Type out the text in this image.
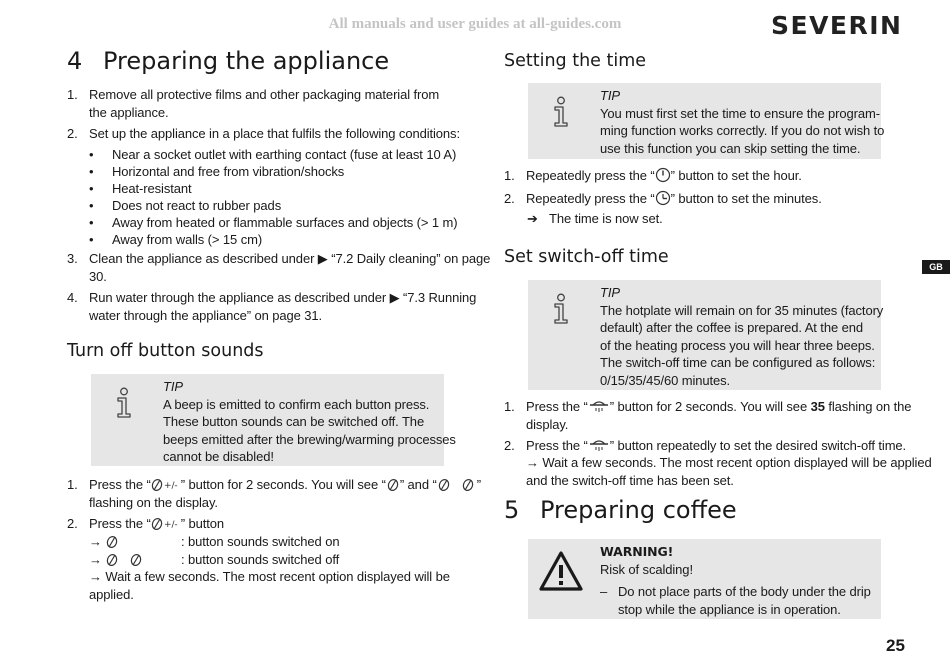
All manuals and user guides at all-guides.com	SEVERIN
4 Preparing the appliance
1. Remove all protective films and other packaging material from
the appliance.
2. Set up the appliance in a place that fulfils the following conditions:
• Near a socket outlet with earthing contact (fuse at least 10 A)
• Horizontal and free from vibration/shocks
• Heat-resistant
• Does not react to rubber pads
• Away from heated or flammable surfaces and objects (> 1 m)
• Away from walls (> 15 cm)
3. Clean the appliance as described under ▶ “7.2 Daily cleaning” on page
30.
4. Run water through the appliance as described under ▶ “7.3 Running
water through the appliance” on page 31.
Turn off button sounds
TIP
A beep is emitted to confirm each button press.
These button sounds can be switched off. The
beeps emitted after the brewing/warming processes
cannot be disabled!
1. Press the “ +/- ” button for 2 seconds. You will see “ ” and “	”
flashing on the display.
2. Press the “ +/- ” button
→	: button sounds switched on
→	: button sounds switched off
→ Wait a few seconds. The most recent option displayed will be
applied.
Setting the time
TIP
You must first set the time to ensure the program-
ming function works correctly. If you do not wish to
use this function you can skip setting the time.
1. Repeatedly press the “ ” button to set the hour.
2. Repeatedly press the “ ” button to set the minutes.
➔ The time is now set.
Set switch-off time
TIP
The hotplate will remain on for 35 minutes (factory
default) after the coffee is prepared. At the end
of the heating process you will hear three beeps.
The switch-off time can be configured as follows:
0/15/35/45/60 minutes.
1. Press the “ ” button for 2 seconds. You will see 35 flashing on the
display.
2. Press the “ ” button repeatedly to set the desired switch-off time.
→ Wait a few seconds. The most recent option displayed will be applied
and the switch-off time has been set.
5 Preparing coffee
WARNING!
Risk of scalding!
– Do not place parts of the body under the drip
stop while the appliance is in operation.
GB
25
